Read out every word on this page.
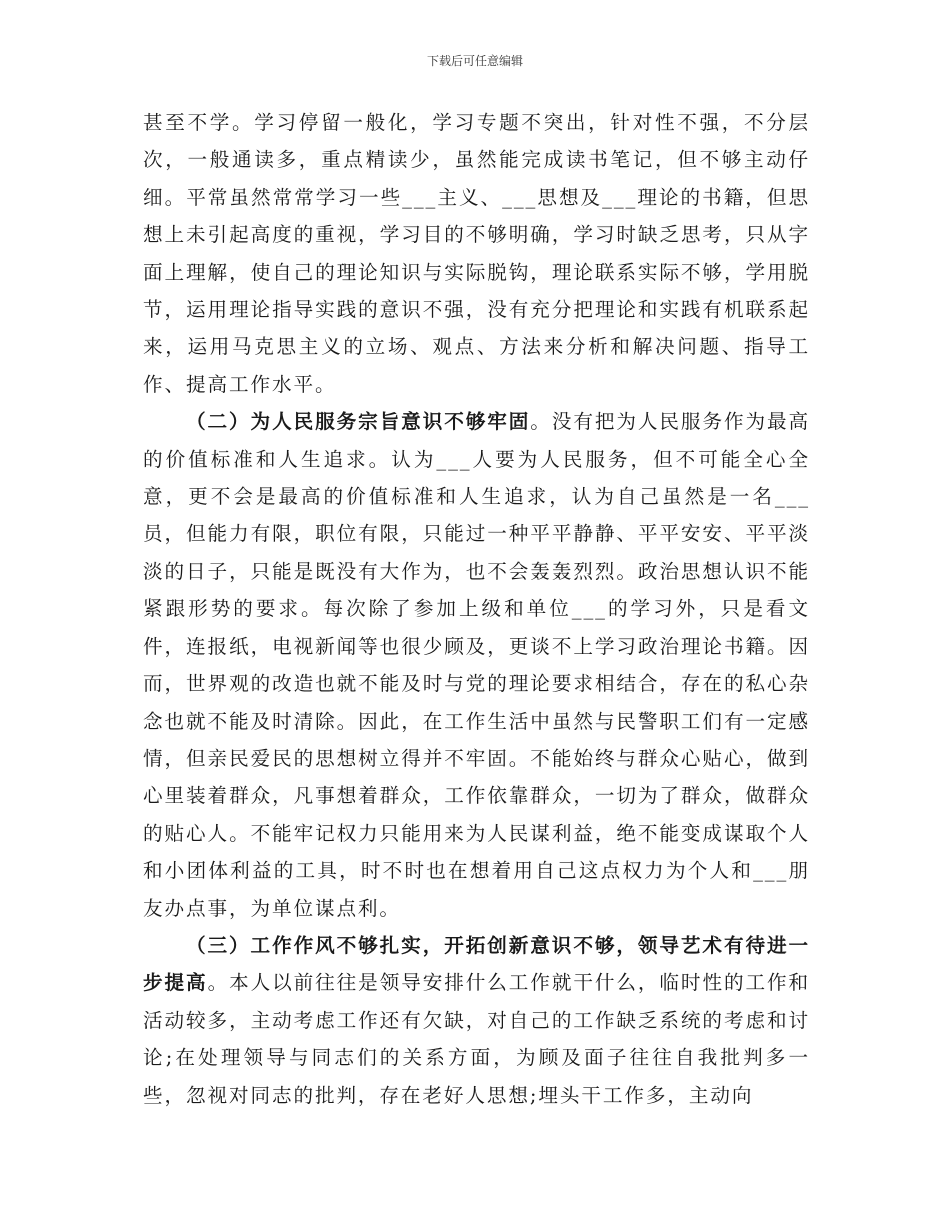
下载后可任意编辑

甚至不学。学习停留一般化，学习专题不突出，针对性不强，不分层次，一般通读多，重点精读少，虽然能完成读书笔记，但不够主动仔细。平常虽然常常学习一些___主义、___思想及___理论的书籍，但思想上未引起高度的重视，学习目的不够明确，学习时缺乏思考，只从字面上理解，使自己的理论知识与实际脱钩，理论联系实际不够，学用脱节，运用理论指导实践的意识不强，没有充分把理论和实践有机联系起来，运用马克思主义的立场、观点、方法来分析和解决问题、指导工作、提高工作水平。

（二）为人民服务宗旨意识不够牢固。没有把为人民服务作为最高的价值标准和人生追求。认为___人要为人民服务，但不可能全心全意，更不会是最高的价值标准和人生追求，认为自己虽然是一名___员，但能力有限，职位有限，只能过一种平平静静、平平安安、平平淡淡的日子，只能是既没有大作为，也不会轰轰烈烈。政治思想认识不能紧跟形势的要求。每次除了参加上级和单位___的学习外，只是看文件，连报纸，电视新闻等也很少顾及，更谈不上学习政治理论书籍。因而，世界观的改造也就不能及时与党的理论要求相结合，存在的私心杂念也就不能及时清除。因此，在工作生活中虽然与民警职工们有一定感情，但亲民爱民的思想树立得并不牢固。不能始终与群众心贴心，做到心里装着群众，凡事想着群众，工作依靠群众，一切为了群众，做群众的贴心人。不能牢记权力只能用来为人民谋利益，绝不能变成谋取个人和小团体利益的工具，时不时也在想着用自己这点权力为个人和___朋友办点事，为单位谋点利。

（三）工作作风不够扎实，开拓创新意识不够，领导艺术有待进一步提高。本人以前往往是领导安排什么工作就干什么，临时性的工作和活动较多，主动考虑工作还有欠缺，对自己的工作缺乏系统的考虑和讨论;在处理领导与同志们的关系方面，为顾及面子往往自我批判多一些，忽视对同志的批判，存在老好人思想;埋头干工作多，主动向
